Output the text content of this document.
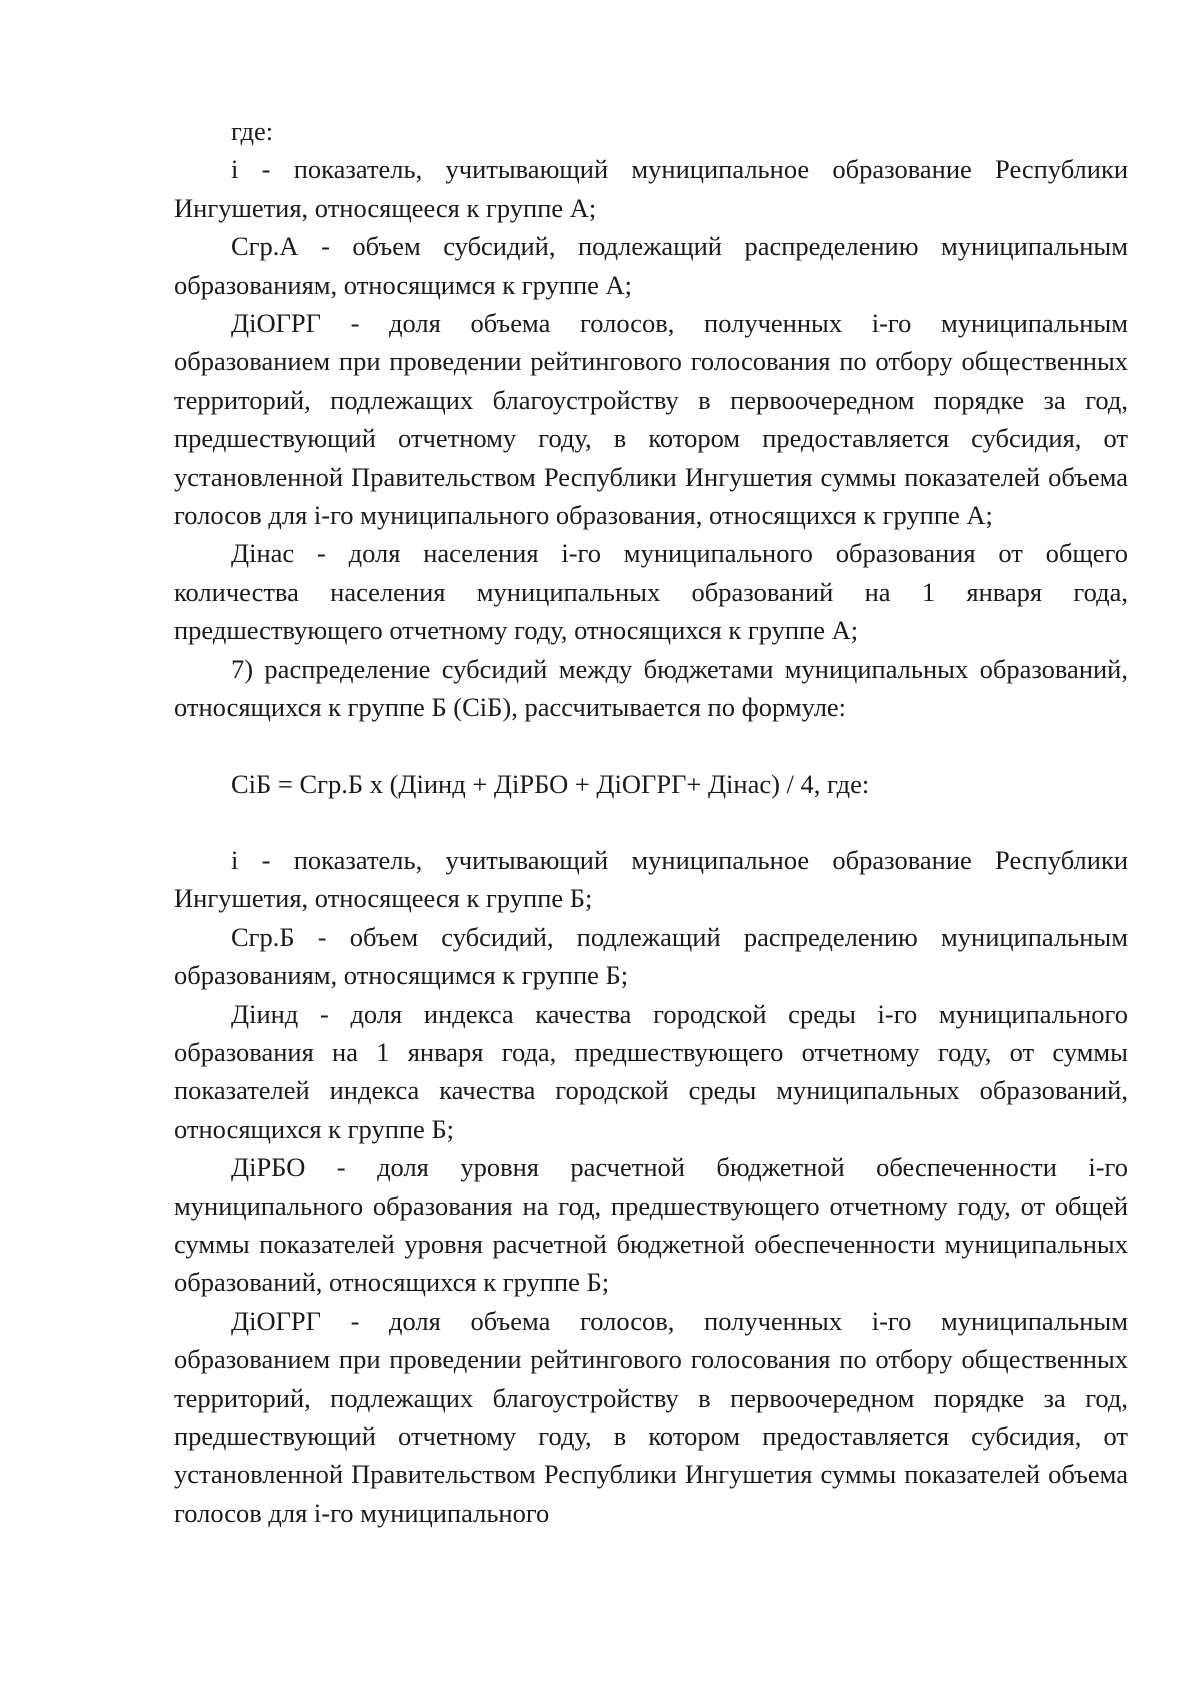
где:

i - показатель, учитывающий муниципальное образование Республики Ингушетия, относящееся к группе А;

Сгр.А - объем субсидий, подлежащий распределению муниципальным образованиям, относящимся к группе А;

ДiОГРГ - доля объема голосов, полученных i-го муниципальным образованием при проведении рейтингового голосования по отбору общественных территорий, подлежащих благоустройству в первоочередном порядке за год, предшествующий отчетному году, в котором предоставляется субсидия, от установленной Правительством Республики Ингушетия суммы показателей объема голосов для i-го муниципального образования, относящихся к группе А;

Дiнас - доля населения i-го муниципального образования от общего количества населения муниципальных образований на 1 января года, предшествующего отчетному году, относящихся к группе А;

7) распределение субсидий между бюджетами муниципальных образований, относящихся к группе Б (СiБ), рассчитывается по формуле:

СiБ = Сгр.Б x (Дiинд + ДiРБО + ДiОГРГ+ Дiнас) / 4, где:

i - показатель, учитывающий муниципальное образование Республики Ингушетия, относящееся к группе Б;

Сгр.Б - объем субсидий, подлежащий распределению муниципальным образованиям, относящимся к группе Б;

Дiинд - доля индекса качества городской среды i-го муниципального образования на 1 января года, предшествующего отчетному году, от суммы показателей индекса качества городской среды муниципальных образований, относящихся к группе Б;

ДiРБО - доля уровня расчетной бюджетной обеспеченности i-го муниципального образования на год, предшествующего отчетному году, от общей суммы показателей уровня расчетной бюджетной обеспеченности муниципальных образований, относящихся к группе Б;

ДiОГРГ - доля объема голосов, полученных i-го муниципальным образованием при проведении рейтингового голосования по отбору общественных территорий, подлежащих благоустройству в первоочередном порядке за год, предшествующий отчетному году, в котором предоставляется субсидия, от установленной Правительством Республики Ингушетия суммы показателей объема голосов для i-го муниципального
